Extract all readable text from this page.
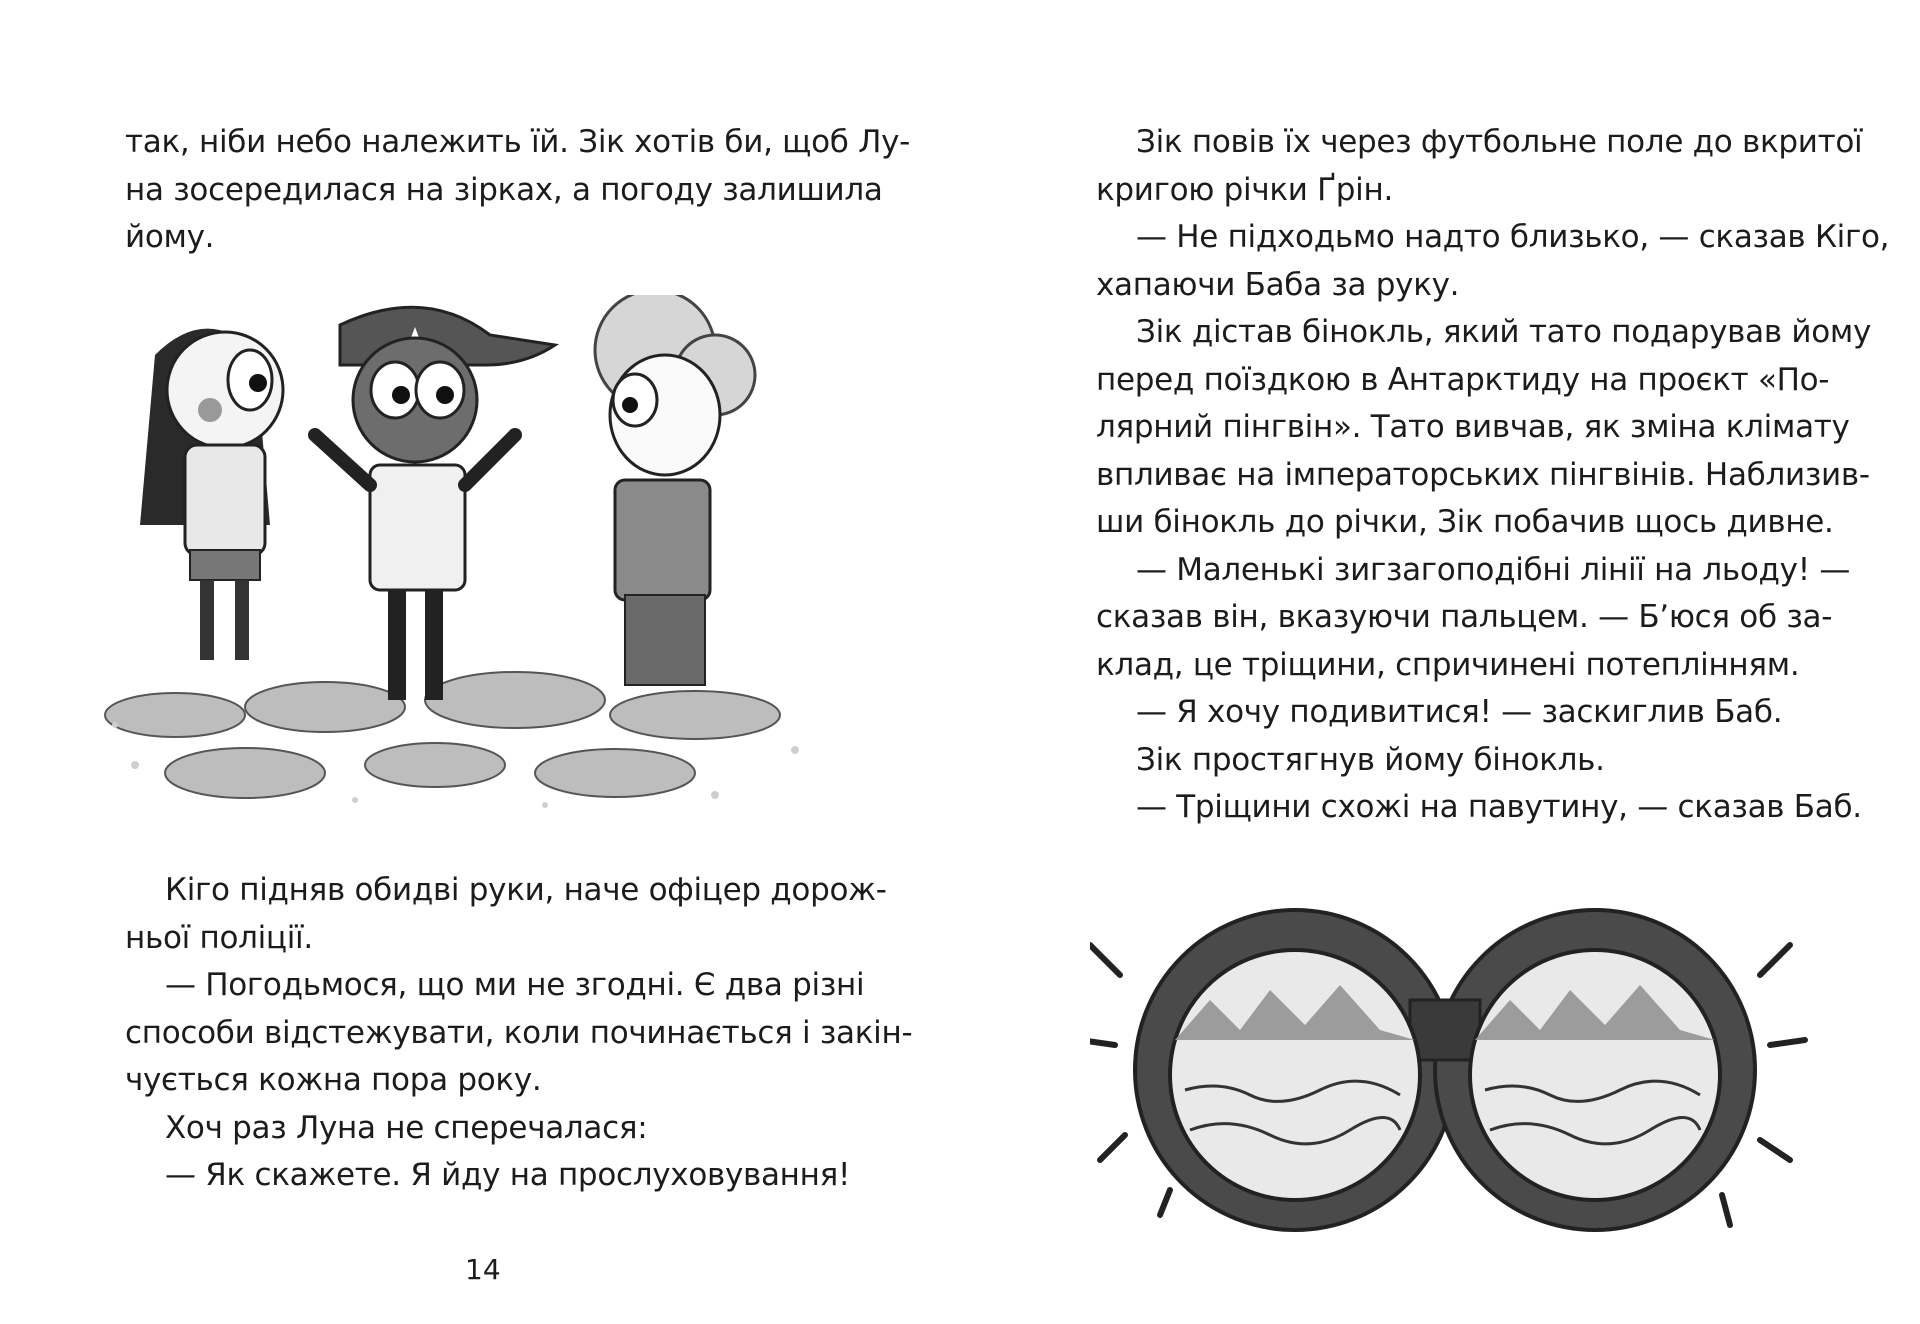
так, ніби небо належить їй. Зік хотів би, щоб Лу-

на зосередилася на зірках, а погоду залишила

йому.

Кіго підняв обидві руки, наче офіцер дорож-

ньої поліції.

— Погодьмося, що ми не згодні. Є два різні

способи відстежувати, коли починається і закін-

чується кожна пора року.

Хоч раз Луна не сперечалася:

— Як скажете. Я йду на прослуховування!

14

Зік повів їх через футбольне поле до вкритої

кригою річки Ґрін.

— Не підходьмо надто близько, — сказав Кіго,

хапаючи Баба за руку.

Зік дістав бінокль, який тато подарував йому

перед поїздкою в Антарктиду на проєкт «По-

лярний пінгвін». Тато вивчав, як зміна клімату

впливає на імператорських пінгвінів. Наблизив-

ши бінокль до річки, Зік побачив щось дивне.

— Маленькі зигзагоподібні лінії на льоду! —

сказав він, вказуючи пальцем. — Б’юся об за-

клад, це тріщини, спричинені потеплінням.

— Я хочу подивитися! — заскиглив Баб.

Зік простягнув йому бінокль.

— Тріщини схожі на павутину, — сказав Баб.
